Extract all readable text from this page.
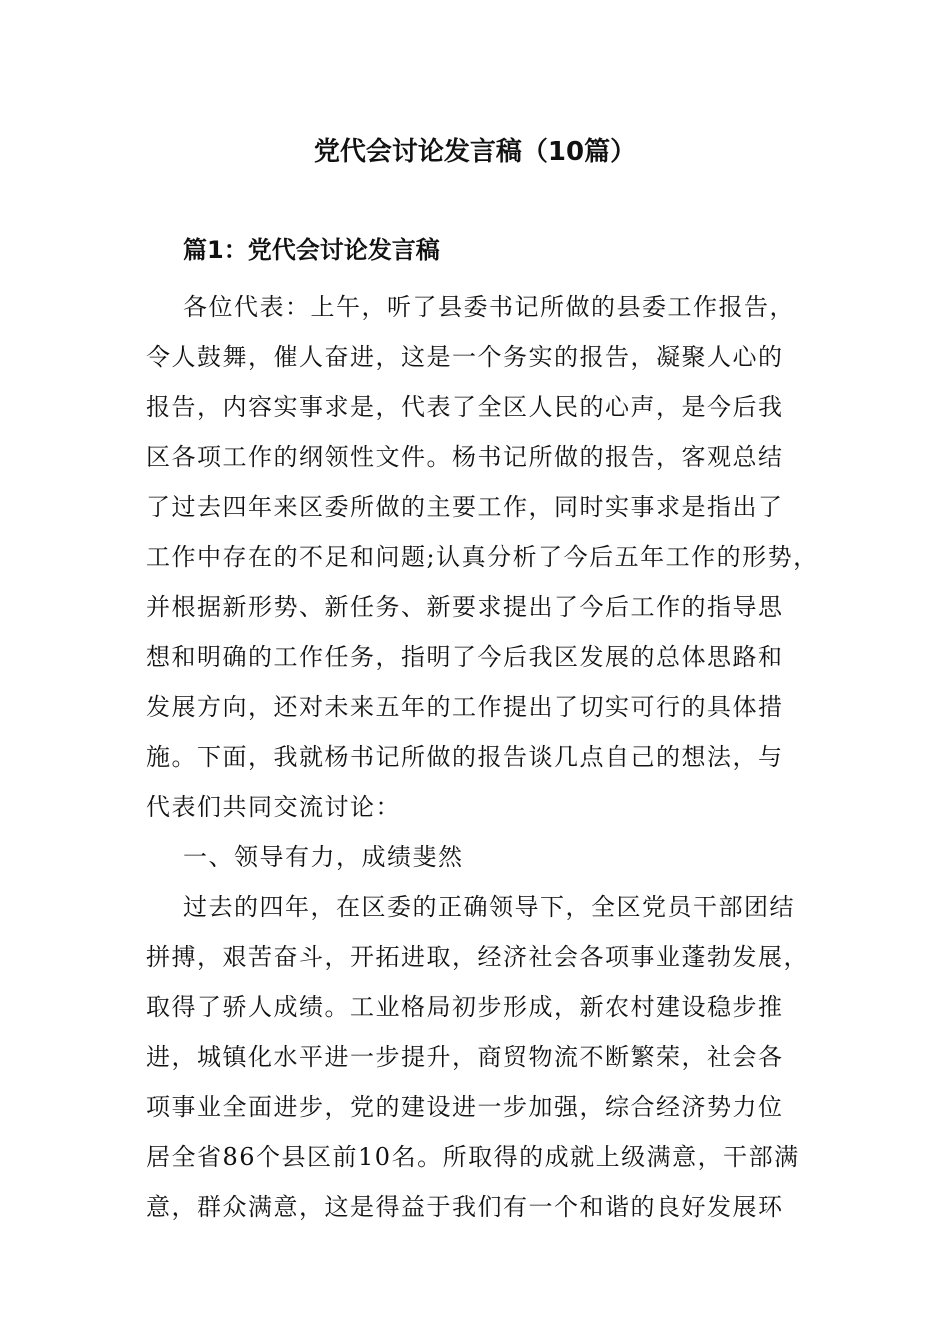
党代会讨论发言稿（10篇）
篇1：党代会讨论发言稿
各位代表：上午，听了县委书记所做的县委工作报告，
令人鼓舞，催人奋进，这是一个务实的报告，凝聚人心的
报告，内容实事求是，代表了全区人民的心声，是今后我
区各项工作的纲领性文件。杨书记所做的报告，客观总结
了过去四年来区委所做的主要工作，同时实事求是指出了
工作中存在的不足和问题;认真分析了今后五年工作的形势，
并根据新形势、新任务、新要求提出了今后工作的指导思
想和明确的工作任务，指明了今后我区发展的总体思路和
发展方向，还对未来五年的工作提出了切实可行的具体措
施。下面，我就杨书记所做的报告谈几点自己的想法，与
代表们共同交流讨论：
一、领导有力，成绩斐然
过去的四年，在区委的正确领导下，全区党员干部团结
拼搏，艰苦奋斗，开拓进取，经济社会各项事业蓬勃发展，
取得了骄人成绩。工业格局初步形成，新农村建设稳步推
进，城镇化水平进一步提升，商贸物流不断繁荣，社会各
项事业全面进步，党的建设进一步加强，综合经济势力位
居全省86个县区前10名。所取得的成就上级满意，干部满
意，群众满意，这是得益于我们有一个和谐的良好发展环
